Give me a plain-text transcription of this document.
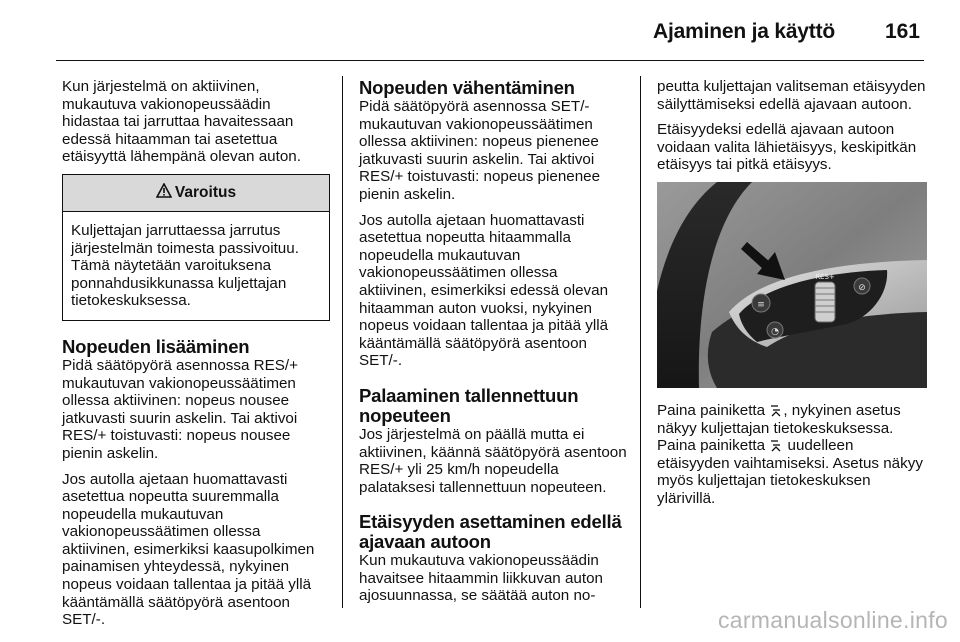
Ajaminen ja käyttö 161

Kun järjestelmä on aktiivinen, mukautuva vakionopeussäädin hidastaa tai jarruttaa havaitessaan edessä hitaamman tai asetettua etäisyyttä lähempänä olevan auton.

Varoitus

Kuljettajan jarruttaessa jarrutus järjestelmän toimesta passivoituu. Tämä näytetään varoituksena ponnahdusikkunassa kuljettajan tietokeskuksessa.

Nopeuden lisääminen

Pidä säätöpyörä asennossa RES/+ mukautuvan vakionopeussäätimen ollessa aktiivinen: nopeus nousee jatkuvasti suurin askelin. Tai aktivoi RES/+ toistuvasti: nopeus nousee pienin askelin.

Jos autolla ajetaan huomattavasti asetettua nopeutta suuremmalla nopeudella mukautuvan vakionopeussäätimen ollessa aktiivinen, esimerkiksi kaasupolkimen painamisen yhteydessä, nykyinen nopeus voidaan tallentaa ja pitää yllä kääntämällä säätöpyörä asentoon SET/-.

Nopeuden vähentäminen

Pidä säätöpyörä asennossa SET/- mukautuvan vakionopeussäätimen ollessa aktiivinen: nopeus pienenee jatkuvasti suurin askelin. Tai aktivoi RES/+ toistuvasti: nopeus pienenee pienin askelin.

Jos autolla ajetaan huomattavasti asetettua nopeutta hitaammalla nopeudella mukautuvan vakionopeussäätimen ollessa aktiivinen, esimerkiksi edessä olevan hitaamman auton vuoksi, nykyinen nopeus voidaan tallentaa ja pitää yllä kääntämällä säätöpyörä asentoon SET/-.

Palaaminen tallennettuun nopeuteen

Jos järjestelmä on päällä mutta ei aktiivinen, käännä säätöpyörä asentoon RES/+ yli 25 km/h nopeudella palataksesi tallennettuun nopeuteen.

Etäisyyden asettaminen edellä ajavaan autoon

Kun mukautuva vakionopeussäädin havaitsee hitaammin liikkuvan auton ajosuunnassa, se säätää auton no-

peutta kuljettajan valitseman etäisyyden säilyttämiseksi edellä ajavaan autoon.

Etäisyydeksi edellä ajavaan autoon voidaan valita lähietäisyys, keskipitkän etäisyys tai pitkä etäisyys.

≡
◔
RES+
⊘

Paina painiketta , nykyinen asetus näkyy kuljettajan tietokeskuksessa. Paina painiketta  uudelleen etäisyyden vaihtamiseksi. Asetus näkyy myös kuljettajan tietokeskuksen ylärivillä.

carmanualsonline.info
